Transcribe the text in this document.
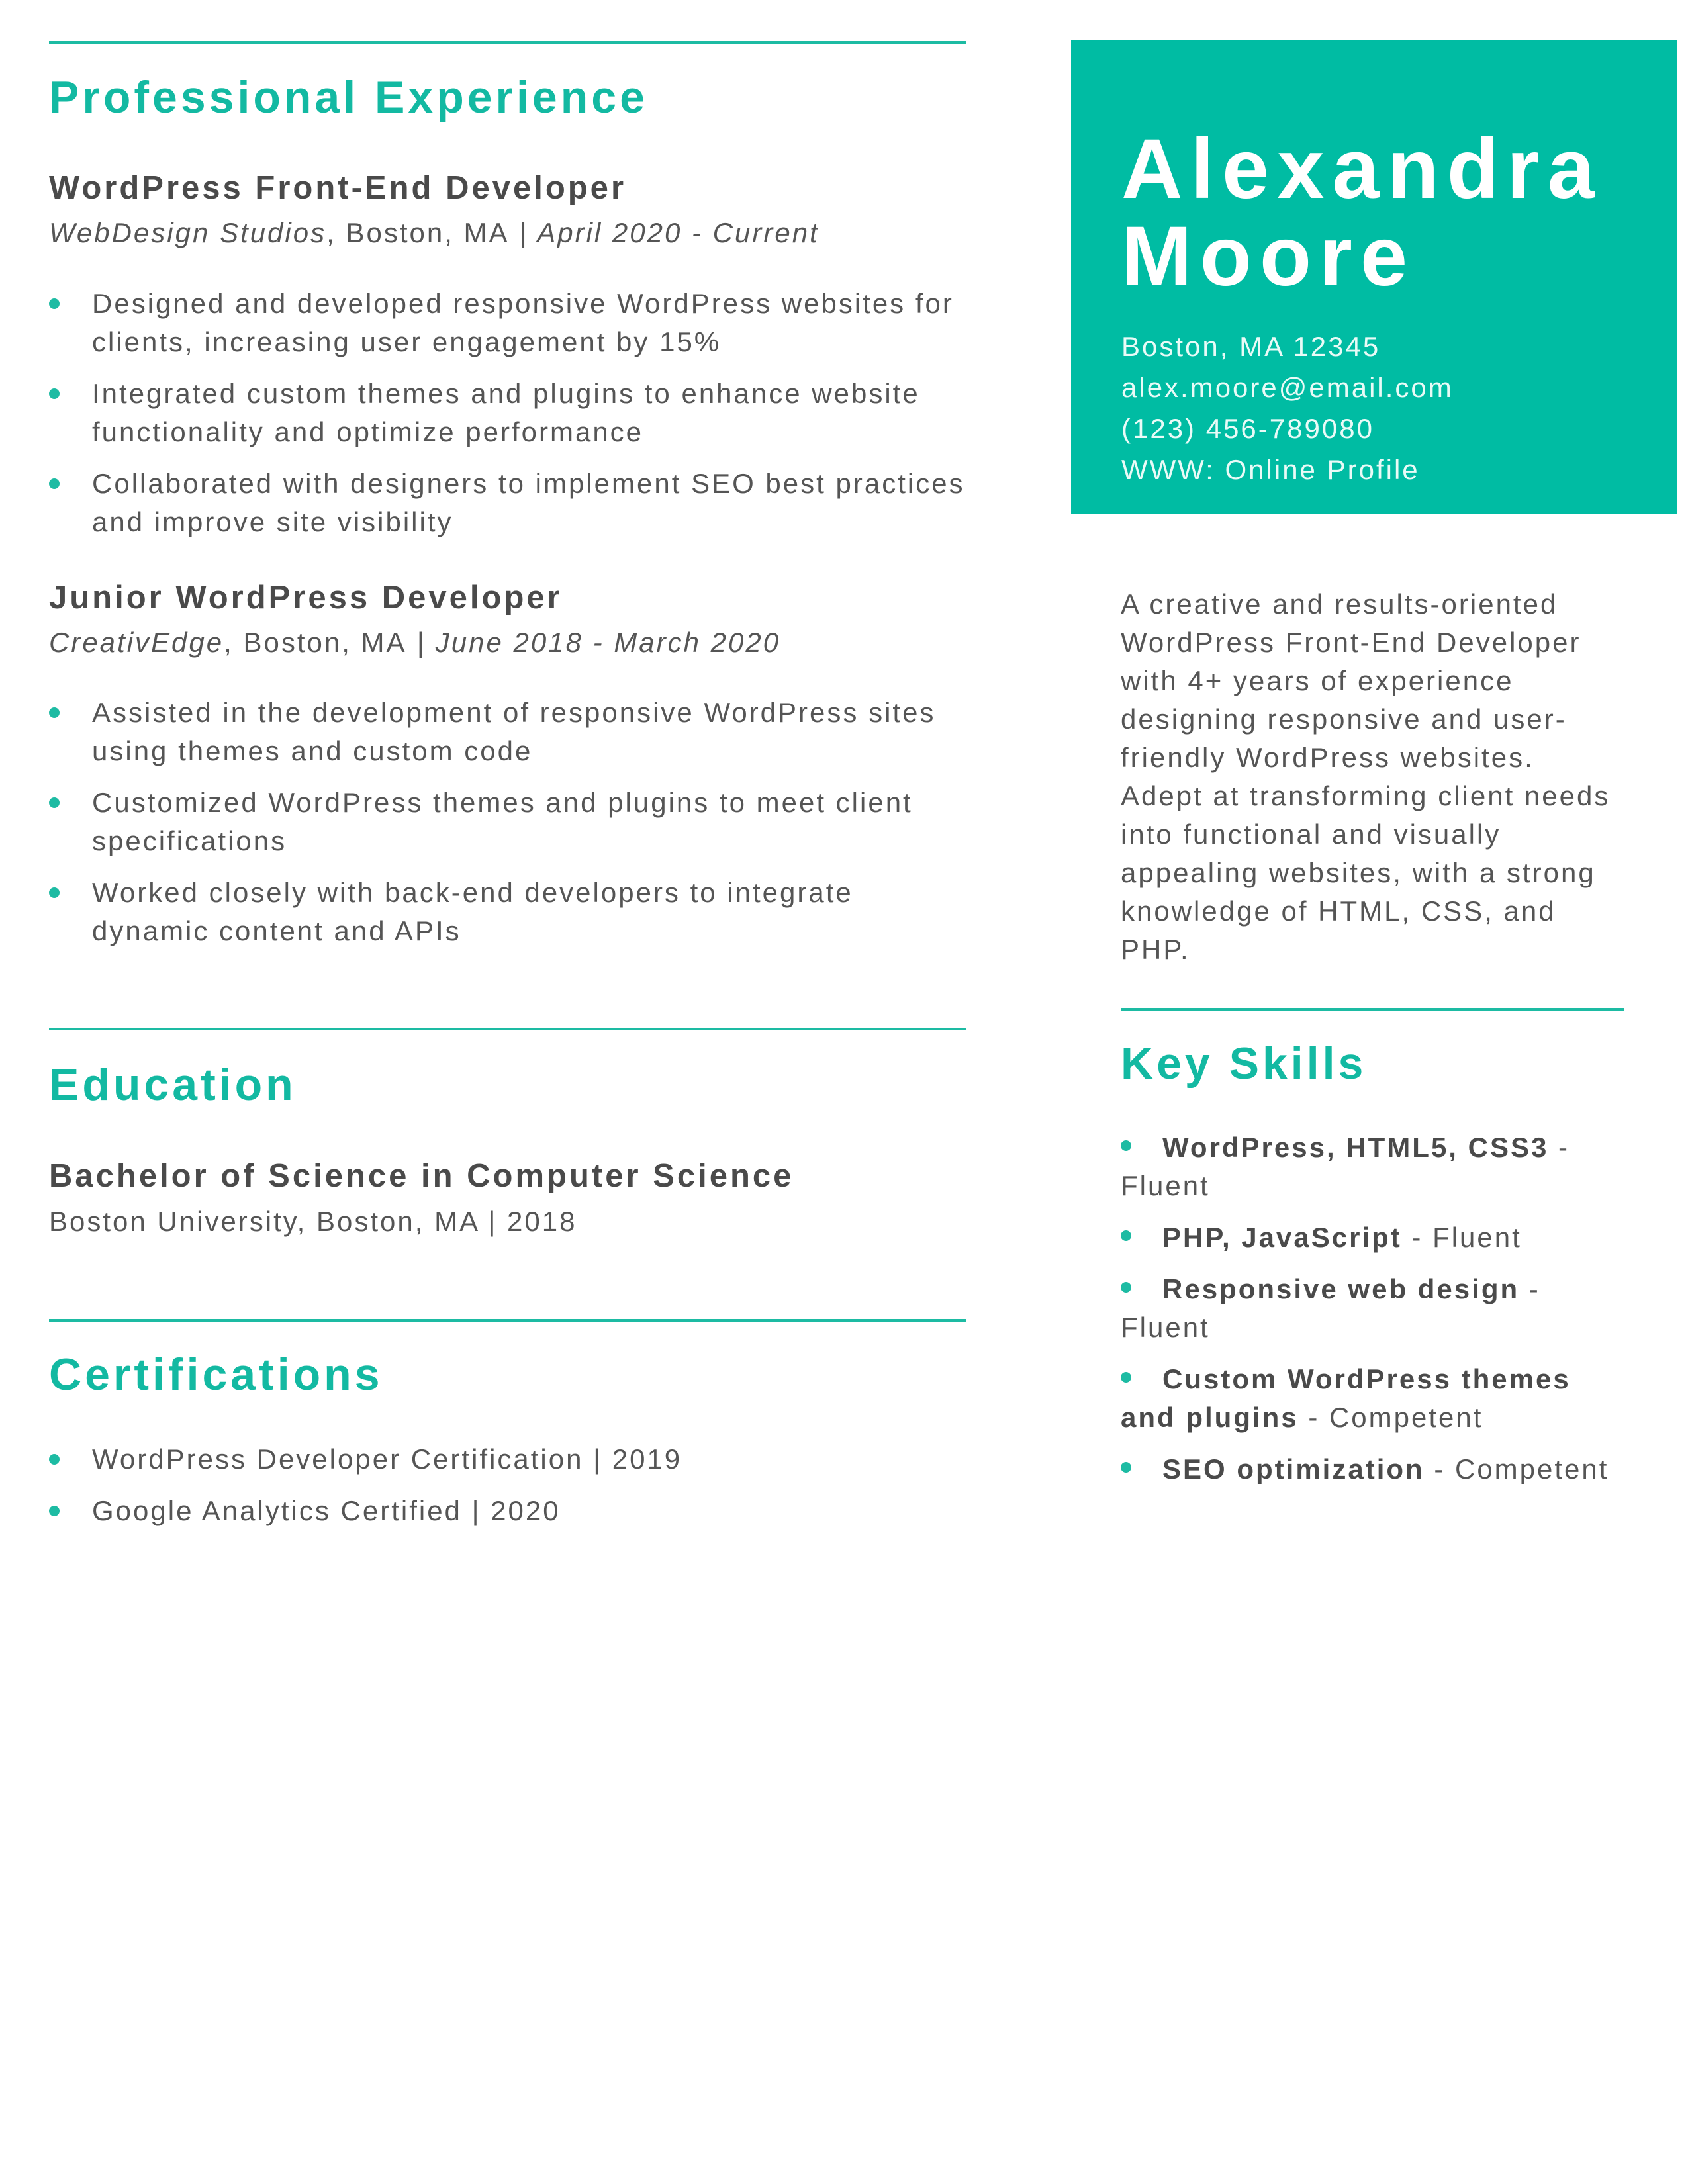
Professional Experience
WordPress Front-End Developer
WebDesign Studios, Boston, MA | April 2020 - Current
Designed and developed responsive WordPress websites for clients, increasing user engagement by 15%
Integrated custom themes and plugins to enhance website functionality and optimize performance
Collaborated with designers to implement SEO best practices and improve site visibility
Junior WordPress Developer
CreativEdge, Boston, MA | June 2018 - March 2020
Assisted in the development of responsive WordPress sites using themes and custom code
Customized WordPress themes and plugins to meet client specifications
Worked closely with back-end developers to integrate dynamic content and APIs
Education
Bachelor of Science in Computer Science
Boston University, Boston, MA | 2018
Certifications
WordPress Developer Certification | 2019
Google Analytics Certified | 2020
Alexandra
Moore
Boston, MA 12345
alex.moore@email.com
(123) 456-789080
WWW: Online Profile
A creative and results-oriented WordPress Front-End Developer with 4+ years of experience designing responsive and user-friendly WordPress websites. Adept at transforming client needs into functional and visually appealing websites, with a strong knowledge of HTML, CSS, and PHP.
Key Skills
WordPress, HTML5, CSS3 - Fluent
PHP, JavaScript - Fluent
Responsive web design - Fluent
Custom WordPress themes and plugins - Competent
SEO optimization - Competent
